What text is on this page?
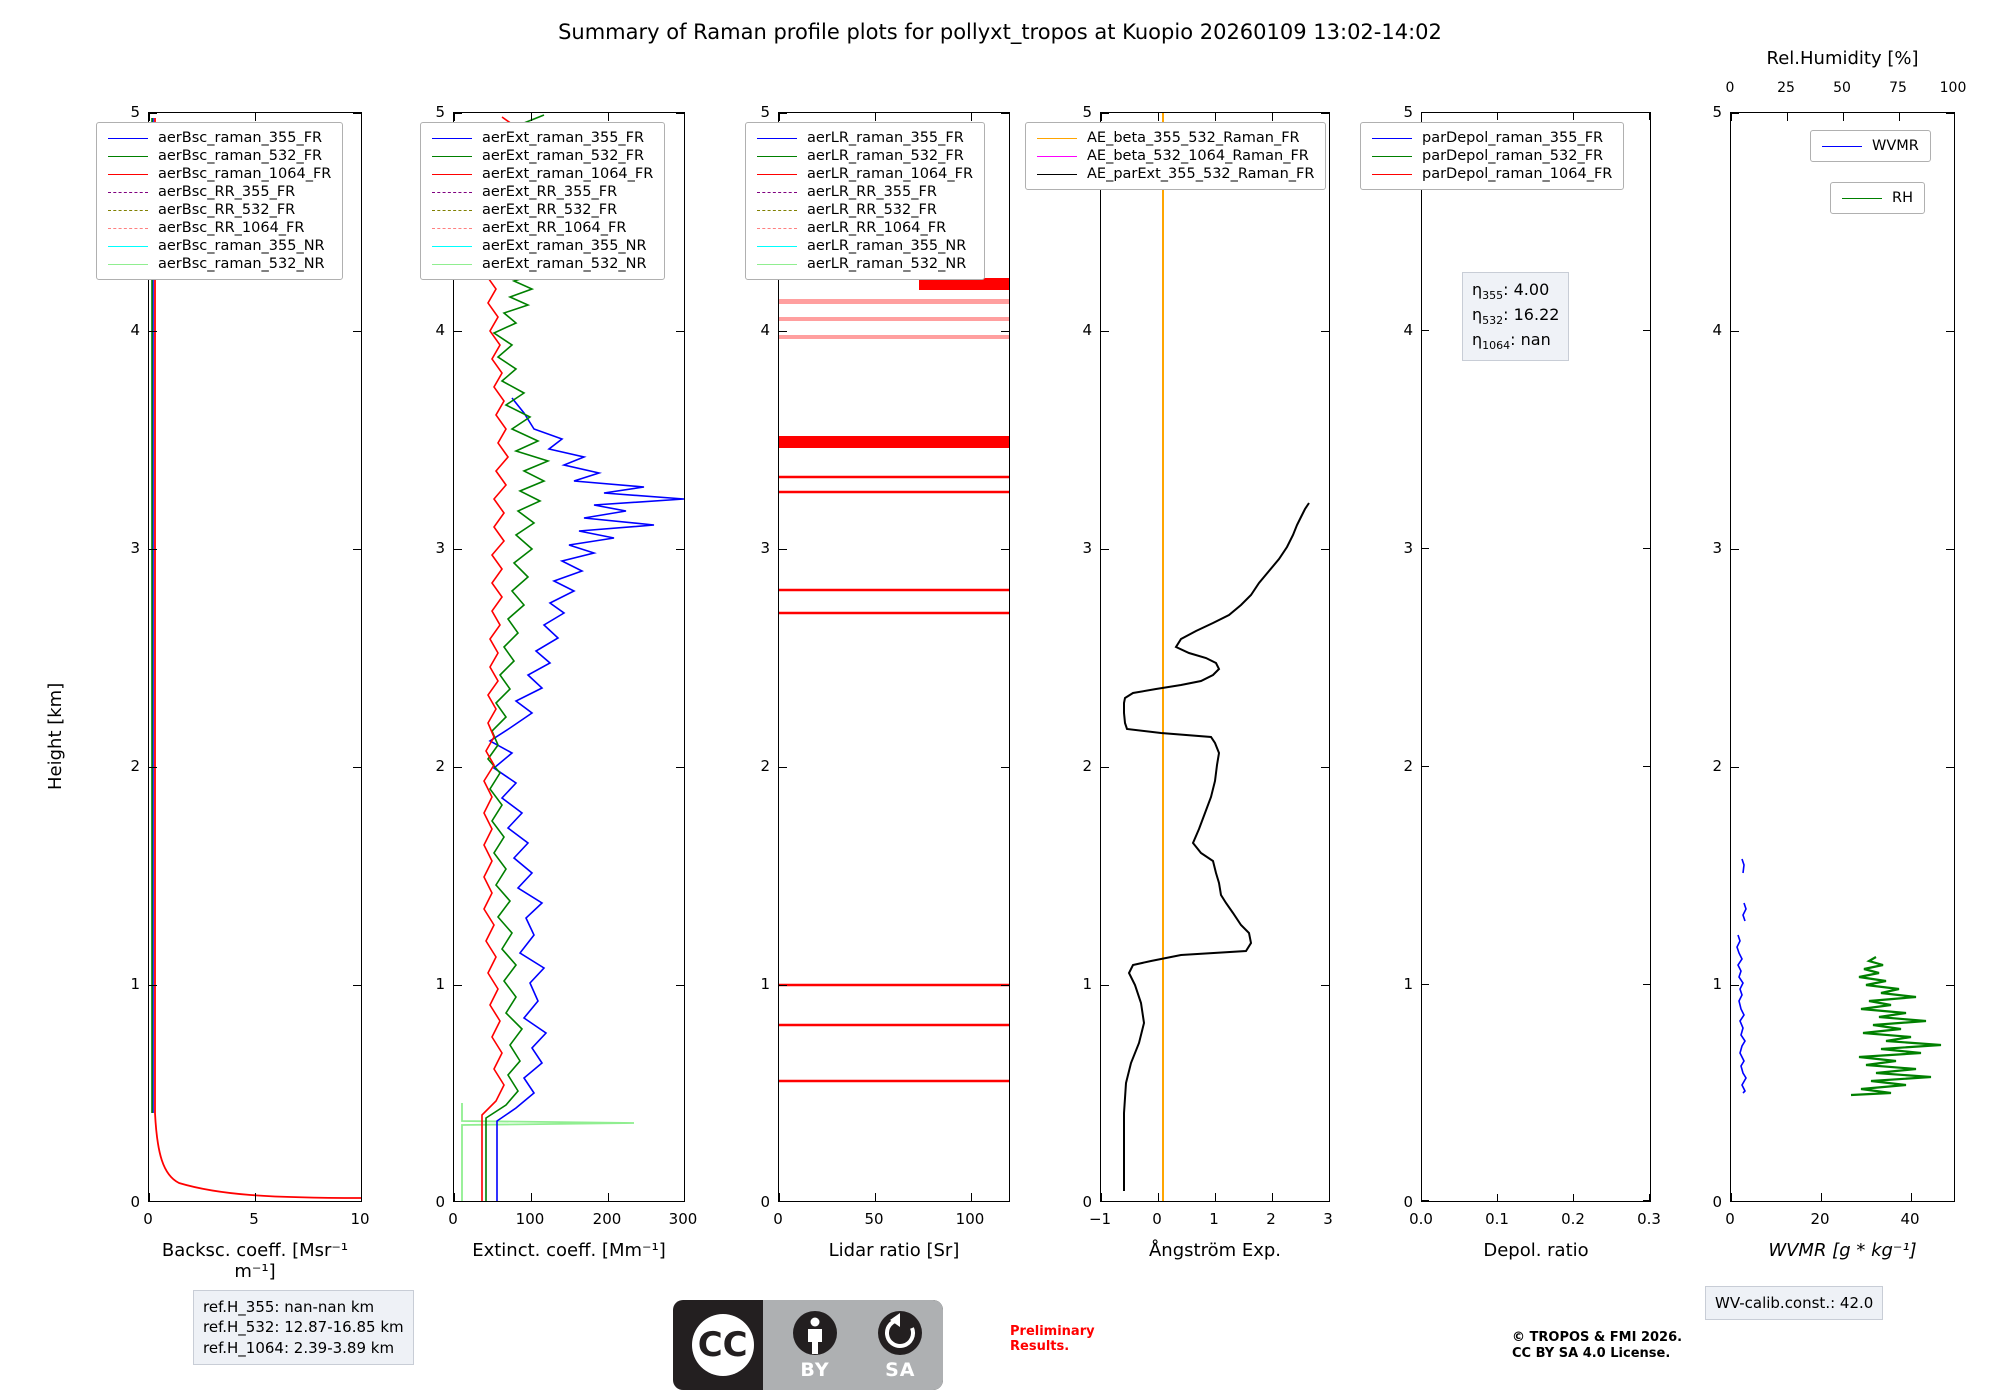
Summary of Raman profile plots for pollyxt_tropos at Kuopio 20260109 13:02-14:02
Height [km]
5
4
3
2
1
0
0	5	10
Backsc. coeff. [Msr⁻¹ m⁻¹]
	aerBsc_raman_355_FR

	aerBsc_raman_532_FR

	aerBsc_raman_1064_FR

	aerBsc_RR_355_FR

	aerBsc_RR_532_FR

	aerBsc_RR_1064_FR

	aerBsc_raman_355_NR

	aerBsc_raman_532_NR
5
4
3
2
1
0
0	100	200	300
Extinct. coeff. [Mm⁻¹]
	aerExt_raman_355_FR

	aerExt_raman_532_FR

	aerExt_raman_1064_FR

	aerExt_RR_355_FR

	aerExt_RR_532_FR

	aerExt_RR_1064_FR

	aerExt_raman_355_NR

	aerExt_raman_532_NR
5
4
3
2
1
0
0	50	100
Lidar ratio [Sr]
	aerLR_raman_355_FR

	aerLR_raman_532_FR

	aerLR_raman_1064_FR

	aerLR_RR_355_FR

	aerLR_RR_532_FR

	aerLR_RR_1064_FR

	aerLR_raman_355_NR

	aerLR_raman_532_NR
5
4
3
2
1
0
−1	0	1	2	3
Ångström Exp.
	AE_beta_355_532_Raman_FR

	AE_beta_532_1064_Raman_FR

	AE_parExt_355_532_Raman_FR
5
4
3
2
1
0
0.0	0.1	0.2	0.3
Depol. ratio
	parDepol_raman_355_FR

	parDepol_raman_532_FR

	parDepol_raman_1064_FR
$\eta_{355}$: 4.00
$\eta_{532}$: 16.22
$\eta_{1064}$: nan
5
4
3
2
1
0
0	20	40
WVMR [g * kg⁻¹]
0	25	50	75 100
Rel.Humidity [%]
	WVMR
	RH
WV-calib.const.: 42.0
ref.H_355: nan-nan km
ref.H_532: 12.87-16.85 km
ref.H_1064: 2.39-3.89 km	CC
BY	SA
Preliminary
Results.
© TROPOS & FMI 2026.
CC BY SA 4.0 License.
